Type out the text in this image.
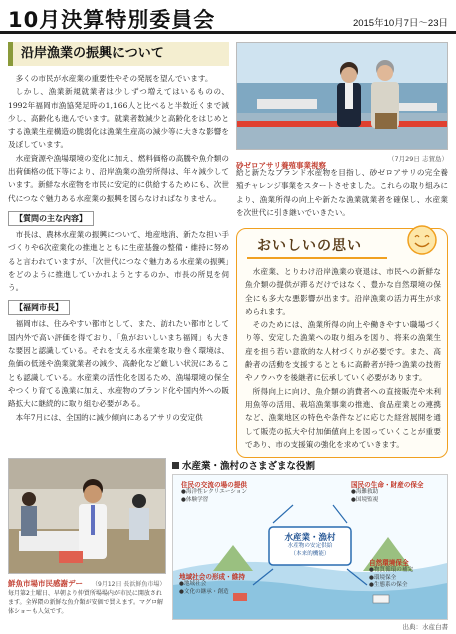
10月決算特別委員会	2015年10月7日～23日
沿岸漁業の振興について

多くの市民が水産業の重要性やその発展を望んでいます。

しかし、漁業新規就業者は少しずつ増えてはいるものの、1992年福岡市漁協発足時の1,166人と比べると半数近くまで減少し、高齢化も進んでいます。就業者数減少と高齢化をはじめとする漁業生産構造の脆弱化は漁業生産高の減少等に大きな影響を及ぼしています。

水産資源や漁場環境の変化に加え、燃料価格の高騰や魚介類の出荷価格の低下等により、沿岸漁業の漁労所得は、年々減少しています。新鮮な水産物を市民に安定的に供給するためにも、次世代につなぐ魅力ある水産業の振興を図らなければなりません。

【質問の主な内容】

市長は、農林水産業の振興について、地産地消、新たな担い手づくりや6次産業化の推進とともに生産基盤の整備・維持に努めると言われていますが、「次世代につなぐ魅力ある水産業の振興」をどのように推進していかれようとするのか、市長の所見を伺う。

【福岡市長】

福岡市は、住みやすい都市として、また、訪れたい都市として国内外で高い評価を得ており、「魚がおいしいまち福岡」も大きな要因と認識している。それを支える水産業を取り巻く環境は、魚価の低迷や漁業就業者の減少、高齢化など厳しい状況にあることも認識している。水産業の活性化を図るため、漁場環境の保全やつくり育てる漁業に加え、水産物のブランド化や国内外への販路拡大に継続的に取り組む必要がある。

本年7月には、全国的に減少傾向にあるアサリの安定供

砂ゼロアサリ養殖事業視察
（7月29日 志賀島）

給と新たなブランド水産物を目指し、砂ゼロアサリの完全養殖チャレンジ事業をスタートさせました。これらの取り組みにより、漁業所得の向上や新たな漁業就業者を確保し、水産業を次世代に引き継いでいきたい。

おいしいの思い

水産業、とりわけ沿岸漁業の衰退は、市民への新鮮な魚介類の提供が滞るだけではなく、豊かな自然環境の保全にも多大な悪影響が出ます。沿岸漁業の活力再生が求められます。

そのためには、漁業所得の向上や働きやすい職場づくり等、安定した漁業への取り組みを図り、将来の漁業生産を担う若い意欲的な人材づくりが必要です。また、高齢者の活動を支援するとともに高齢者が持つ漁業の技術やノウハウを後継者に伝承していく必要があります。

所得向上に向け、魚介類の消費者への直接販売や未利用魚等の活用、栽培漁業事業の推進、食品産業との連携など、漁業地区の特色や条件などに応じた経営展開を通して販売の拡大や付加価値向上を図っていくことが重要であり、市の支援策の強化を求めていきます。

鮮魚市場市民感謝デー （9月12日 長浜鮮魚市場）
毎月第2土曜日、早朝より仲買所場場内が市民に開放されます。全界隈の新鮮な魚介類が安価で買えます。マグロ解体ショーも人気です。
水産業・漁村のさまざまな役割
住民の交流の場の提供
●海洋性レクリエーション
●体験学習
国民の生命・財産の保全
●海難救助
●国境監視
水産業・漁村
水産物の安定供給
（本来的機能）
地域社会の形成・維持
●地域社会
●文化の継承・創造
自然環境保全
●物質循環の補完
●環境保全
●生態系の保全
出典：水産白書
